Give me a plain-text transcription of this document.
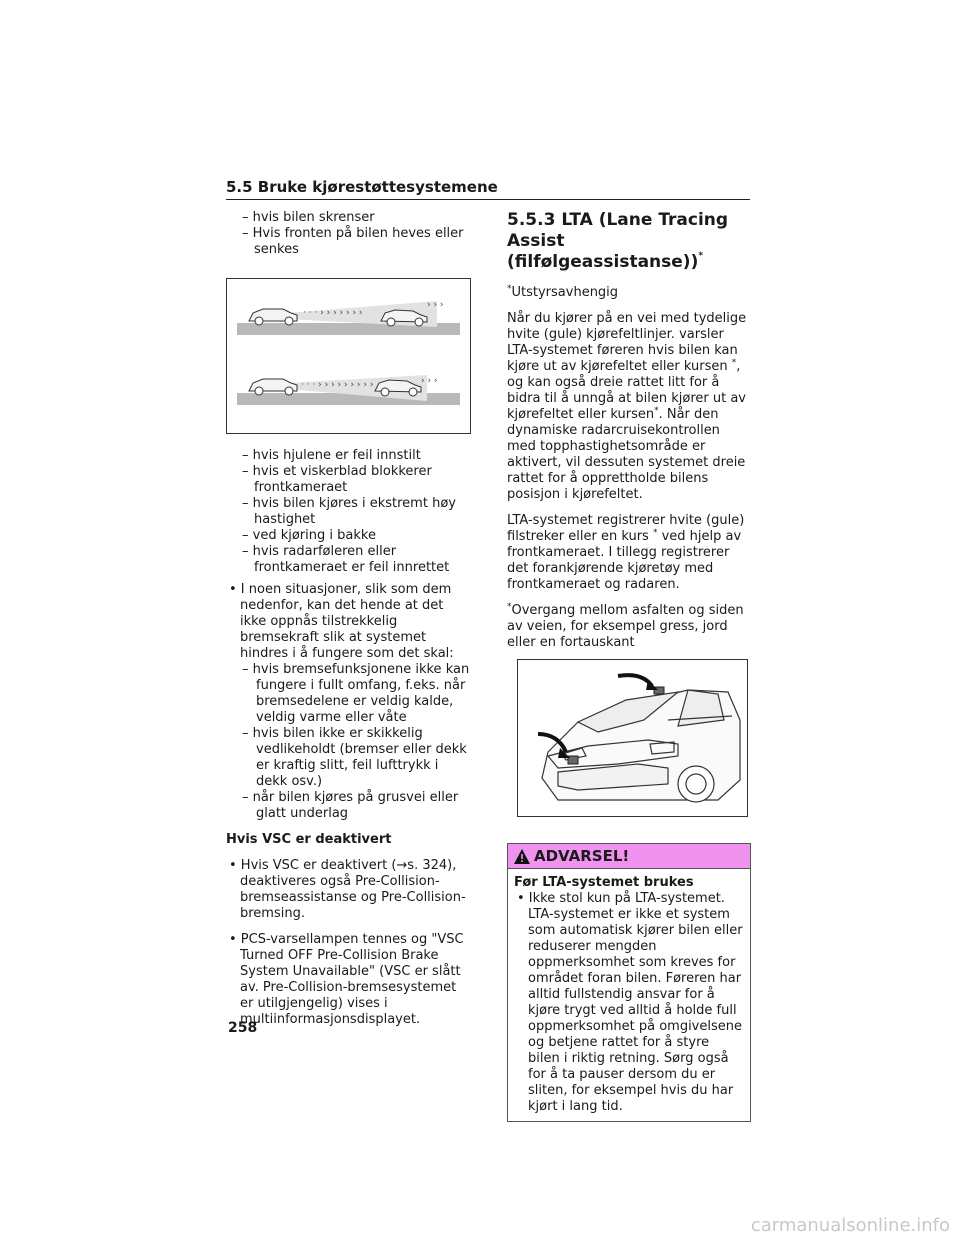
5.5 Bruke kjørestøttesystemene

– hvis bilen skrenser

– Hvis fronten på bilen heves eller senkes

· · · › › › › › › ›
› › ›
· · · › › › › › › › › ›	› › ›

– hvis hjulene er feil innstilt

– hvis et viskerblad blokkerer frontkameraet

– hvis bilen kjøres i ekstremt høy hastighet

– ved kjøring i bakke

– hvis radarføleren eller frontkameraet er feil innrettet

• I noen situasjoner, slik som dem nedenfor, kan det hende at det ikke oppnås tilstrekkelig bremsekraft slik at systemet hindres i å fungere som det skal:

– hvis bremsefunksjonene ikke kan fungere i fullt omfang, f.eks. når bremsedelene er veldig kalde, veldig varme eller våte

– hvis bilen ikke er skikkelig vedlikeholdt (bremser eller dekk er kraftig slitt, feil lufttrykk i dekk osv.)

– når bilen kjøres på grusvei eller glatt underlag

Hvis VSC er deaktivert

• Hvis VSC er deaktivert (→s. 324), deaktiveres også Pre-Collision-bremseassistanse og Pre-Collision-bremsing.

• PCS-varsellampen tennes og "VSC Turned OFF Pre-Collision Brake System Unavailable" (VSC er slått av. Pre-Collision-bremsesystemet er utilgjengelig) vises i multiinformasjonsdisplayet.

5.5.3 LTA (Lane Tracing Assist (filfølgeassistanse))*

*Utstyrsavhengig

Når du kjører på en vei med tydelige hvite (gule) kjørefeltlinjer. varsler LTA-systemet føreren hvis bilen kan kjøre ut av kjørefeltet eller kursen *, og kan også dreie rattet litt for å bidra til å unngå at bilen kjører ut av kjørefeltet eller kursen*. Når den dynamiske radarcruisekontrollen med topphastighetsområde er aktivert, vil dessuten systemet dreie rattet for å opprettholde bilens posisjon i kjørefeltet.

LTA-systemet registrerer hvite (gule) filstreker eller en kurs * ved hjelp av frontkameraet. I tillegg registrerer det forankjørende kjøretøy med frontkameraet og radaren.

*Overgang mellom asfalten og siden av veien, for eksempel gress, jord eller en fortauskant

ADVARSEL!

Før LTA-systemet brukes

• Ikke stol kun på LTA-systemet. LTA-systemet er ikke et system som automatisk kjører bilen eller reduserer mengden oppmerksomhet som kreves for området foran bilen. Føreren har alltid fullstendig ansvar for å kjøre trygt ved alltid å holde full oppmerksomhet på omgivelsene og betjene rattet for å styre bilen i riktig retning. Sørg også for å ta pauser dersom du er sliten, for eksempel hvis du har kjørt i lang tid.

258
carmanualsonline.info
